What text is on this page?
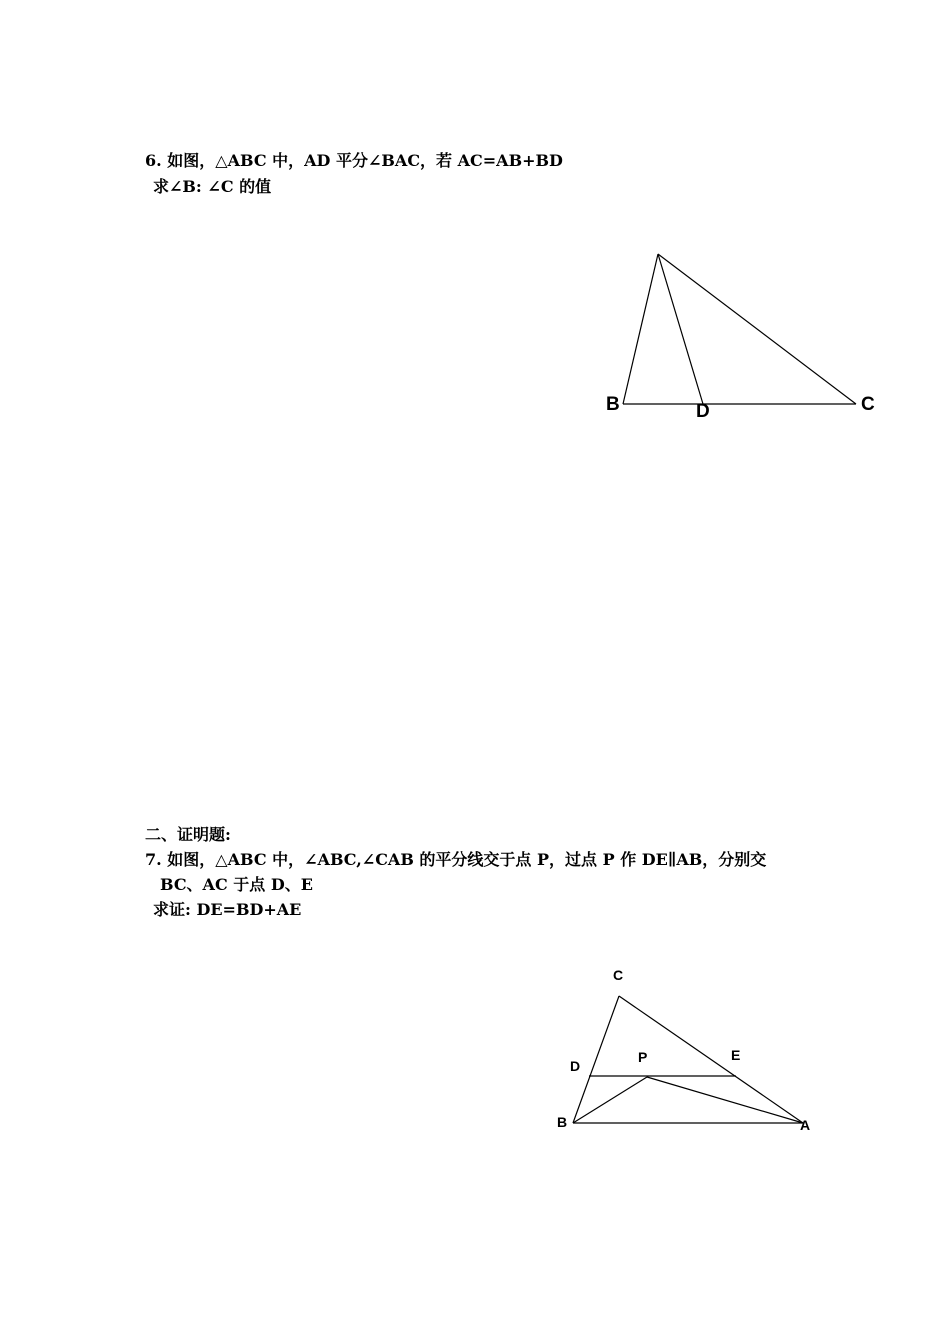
6. 如图，△ABC 中，AD 平分∠BAC，若 AC=AB+BD
求∠B: ∠C 的值
B	D	C
二、证明题:
7. 如图，△ABC 中，∠ABC,∠CAB 的平分线交于点 P，过点 P 作 DE∥AB，分别交
BC、AC 于点 D、E
求证: DE=BD+AE
C
D
P	E
B	A
